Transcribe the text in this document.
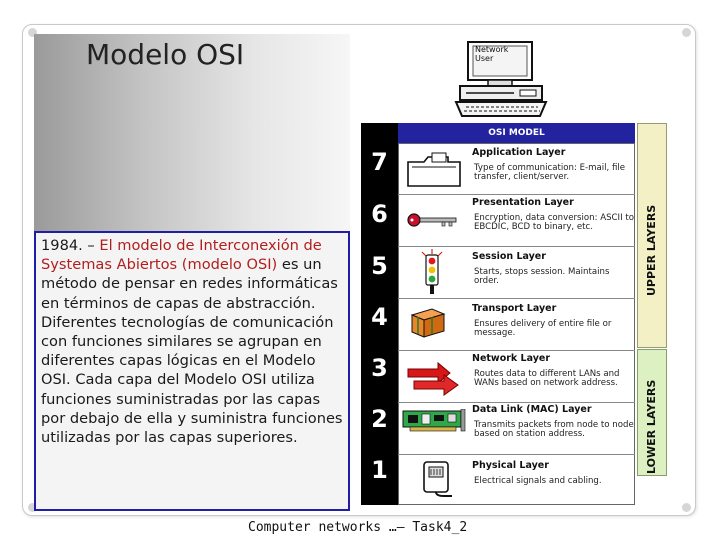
Modelo OSI
1984. – El modelo de Interconexión de Systemas Abiertos (modelo OSI) es un método de pensar en redes informáticas en términos de capas de abstracción. Diferentes tecnologías de comunicación con funciones similares se agrupan en diferentes capas lógicas en el Modelo OSI. Cada capa del Modelo OSI utiliza funciones suministradas por las capas por debajo de ella y suministra funciones utilizadas por las capas superiores.
Network User
OSI MODEL
7	Application Layer
Type of communication: E-mail, file transfer, client/server.
6	Presentation Layer
Encryption, data conversion: ASCII to EBCDIC, BCD to binary, etc.
5	Session Layer
Starts, stops session. Maintains order.
4	Transport Layer
Ensures delivery of entire file or message.
3	Network Layer
Routes data to different LANs and WANs based on network address.
2	Data Link (MAC) Layer
Transmits packets from node to node based on station address.
1	Physical Layer
Electrical signals and cabling.
UPPER LAYERS
LOWER LAYERS
Computer networks …– Task4_2
